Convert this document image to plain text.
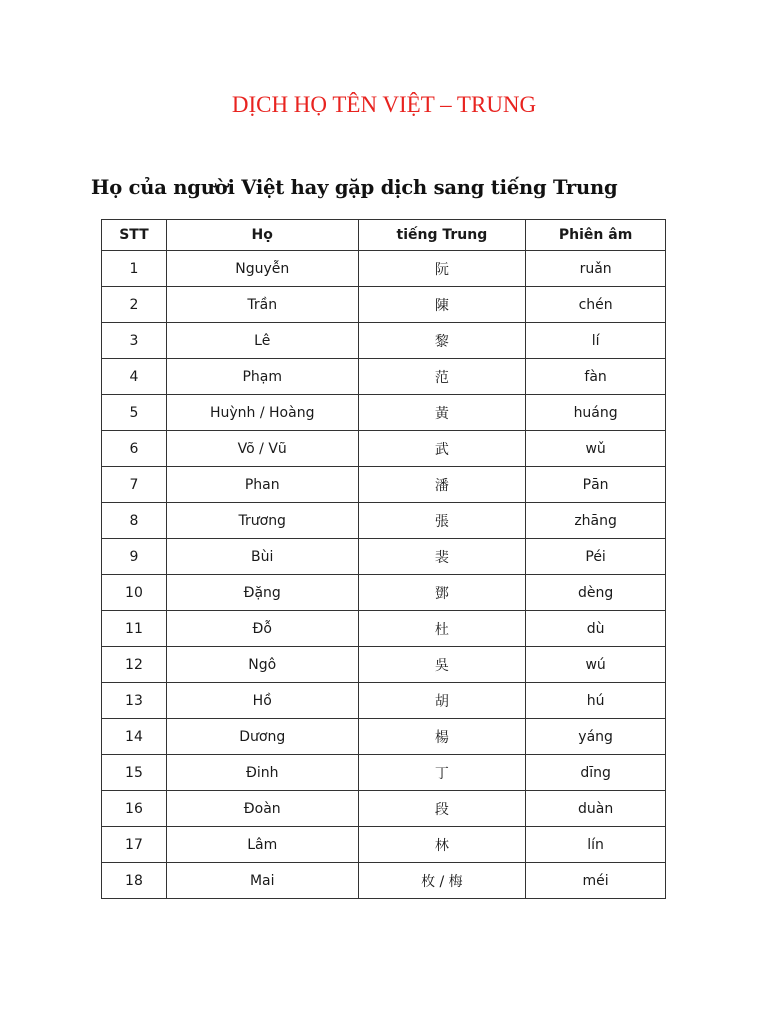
DỊCH HỌ TÊN VIỆT – TRUNG
Họ của người Việt hay gặp dịch sang tiếng Trung
STT	Họ	tiếng Trung	Phiên âm
1	Nguyễn	阮	ruǎn
2	Trần	陳	chén
3	Lê	黎	lí
4	Phạm	范	fàn
5	Huỳnh / Hoàng	黃	huáng
6	Võ / Vũ	武	wǔ
7	Phan	潘	Pān
8	Trương	張	zhāng
9	Bùi	裴	Péi
10	Đặng	鄧	dèng
11	Đỗ	杜	dù
12	Ngô	吳	wú
13	Hồ	胡	hú
14	Dương	楊	yáng
15	Đinh	丁	dīng
16	Đoàn	段	duàn
17	Lâm	林	lín
18	Mai	枚 / 梅	méi
